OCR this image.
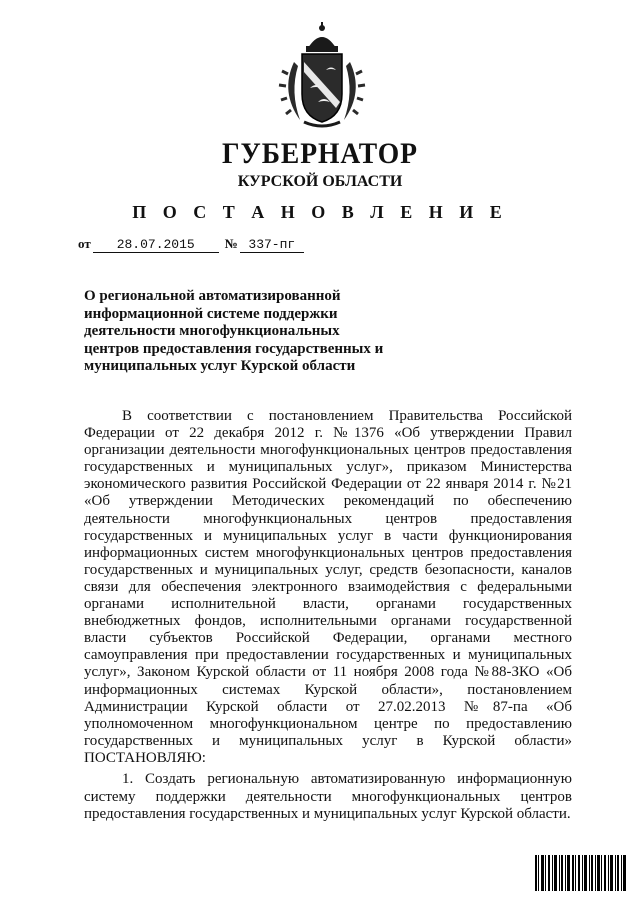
ГУБЕРНАТОР
КУРСКОЙ ОБЛАСТИ
П О С Т А Н О В Л Е Н И Е
от 28.07.2015 № 337-пг

О региональной автоматизированной информационной системе поддержки деятельности многофункциональных центров предоставления государственных и муниципальных услуг Курской области

В соответствии с постановлением Правительства Российской Федерации от 22 декабря 2012 г. №1376 «Об утверждении Правил организации деятельности многофункциональных центров предоставления государственных и муниципальных услуг», приказом Министерства экономического развития Российской Федерации от 22 января 2014 г. №21 «Об утверждении Методических рекомендаций по обеспечению деятельности многофункциональных центров предоставления государственных и муниципальных услуг в части функционирования информационных систем многофункциональных центров предоставления государственных и муниципальных услуг, средств безопасности, каналов связи для обеспечения электронного взаимодействия с федеральными органами исполнительной власти, органами государственных внебюджетных фондов, исполнительными органами государственной власти субъектов Российской Федерации, органами местного самоуправления при предоставлении государственных и муниципальных услуг», Законом Курской области от 11 ноября 2008 года №88-ЗКО «Об информационных системах Курской области», постановлением Администрации Курской области от 27.02.2013 №87-па «Об уполномоченном многофункциональном центре по предоставлению государственных и муниципальных услуг в Курской области» ПОСТАНОВЛЯЮ:

1. Создать региональную автоматизированную информационную систему поддержки деятельности многофункциональных центров предоставления государственных и муниципальных услуг Курской области.
